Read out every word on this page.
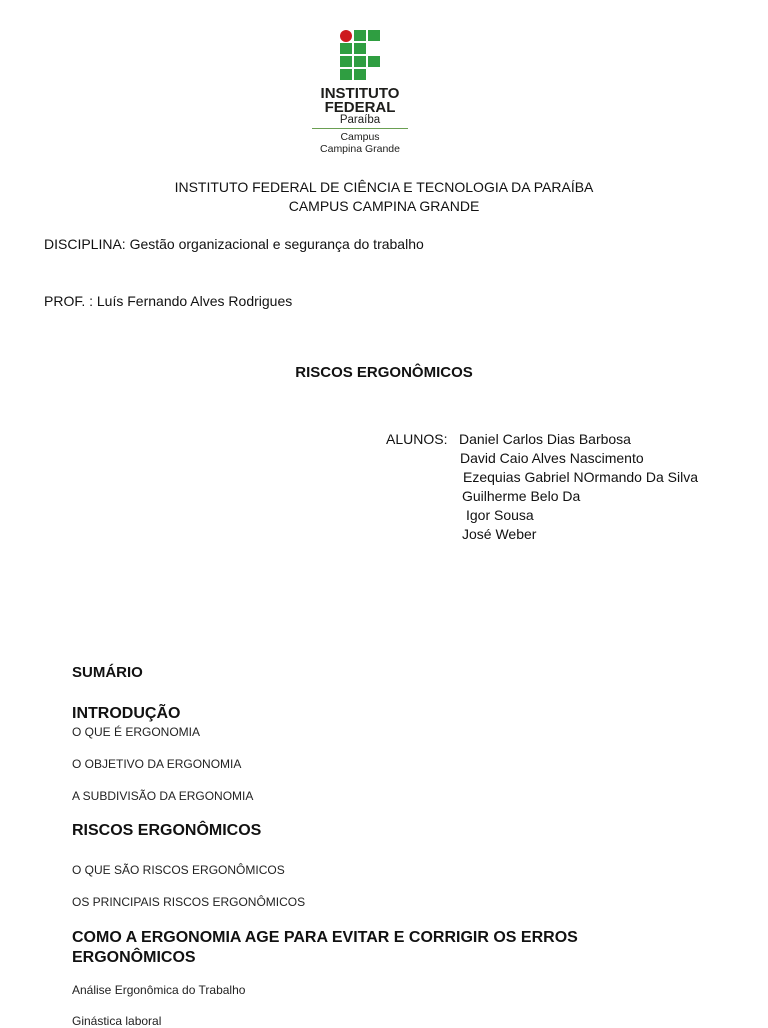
INSTITUTO
FEDERAL
Paraíba
Campus
Campina Grande
INSTITUTO FEDERAL DE CIÊNCIA E TECNOLOGIA DA PARAÍBA
CAMPUS CAMPINA GRANDE
DISCIPLINA: Gestão organizacional e segurança do trabalho
PROF. : Luís Fernando Alves Rodrigues
RISCOS ERGONÔMICOS
ALUNOS: Daniel Carlos Dias Barbosa
David Caio Alves Nascimento
Ezequias Gabriel NOrmando Da Silva
Guilherme Belo Da
Igor Sousa
José Weber
SUMÁRIO
INTRODUÇÃO
O QUE É ERGONOMIA
O OBJETIVO DA ERGONOMIA
A SUBDIVISÃO DA ERGONOMIA
RISCOS ERGONÔMICOS
O QUE SÃO RISCOS ERGONÔMICOS
OS PRINCIPAIS RISCOS ERGONÔMICOS
COMO A ERGONOMIA AGE PARA EVITAR E CORRIGIR OS ERROS
ERGONÔMICOS
Análise Ergonômica do Trabalho
Ginástica laboral
